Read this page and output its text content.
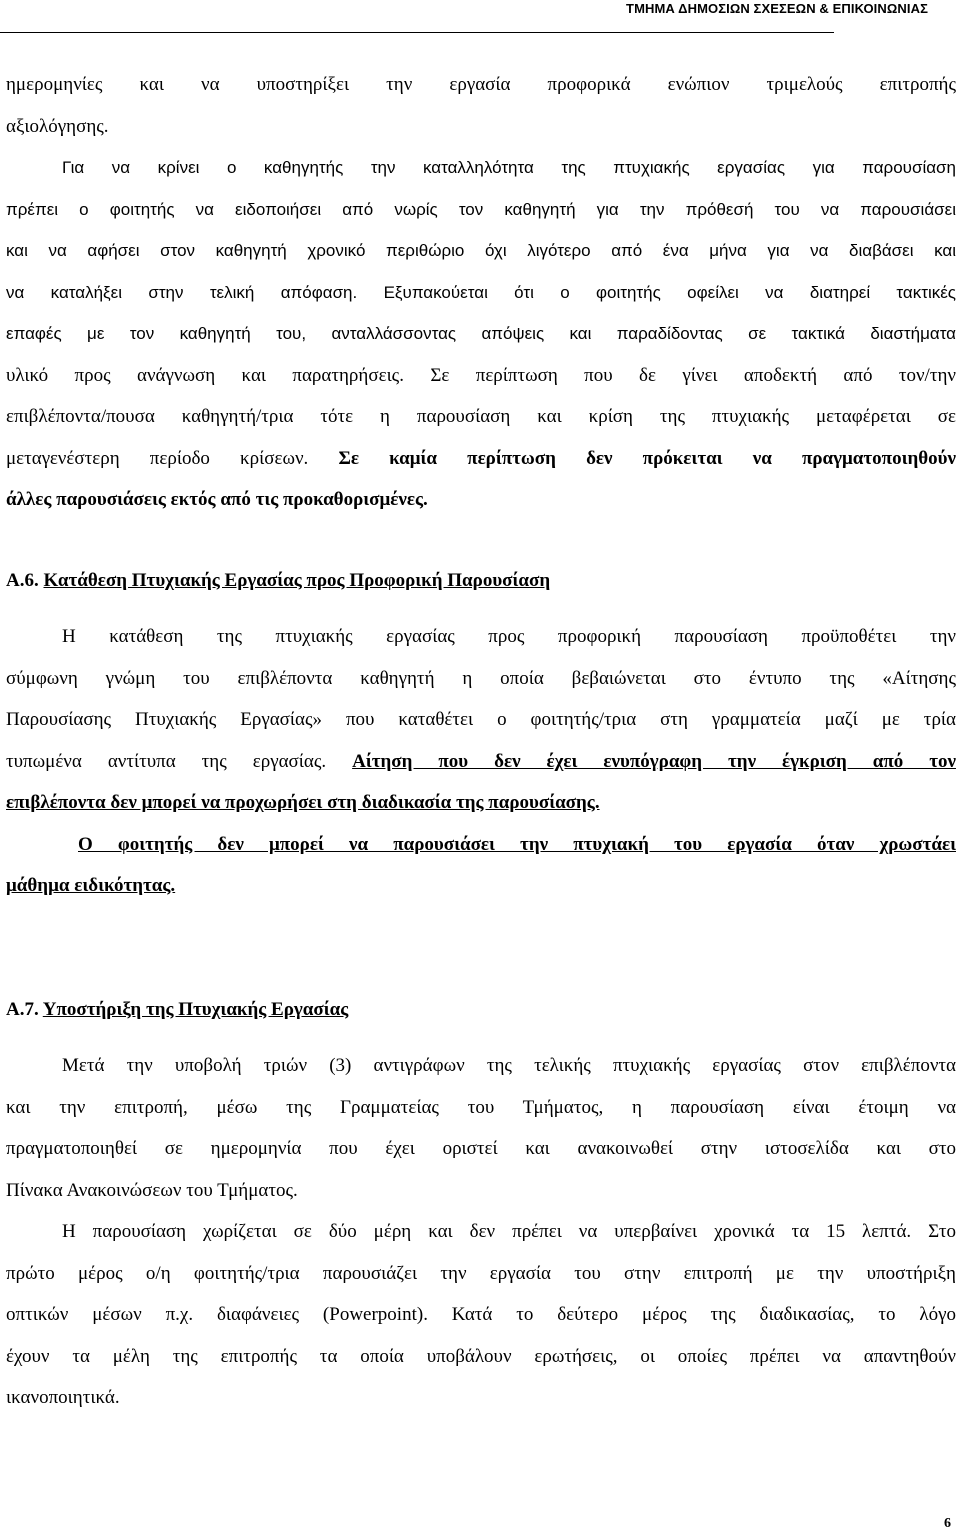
ΤΜΗΜΑ ΔΗΜΟΣΙΩΝ ΣΧΕΣΕΩΝ & ΕΠΙΚΟΙΝΩΝΙΑΣ
ημερομηνίες και να υποστηρίξει την εργασία προφορικά ενώπιον τριμελούς επιτροπής
αξιολόγησης.
Για να κρίνει ο καθηγητής την καταλληλότητα της πτυχιακής εργασίας για παρουσίαση
πρέπει ο φοιτητής να ειδοποιήσει από νωρίς τον καθηγητή για την πρόθεσή του να παρουσιάσει
και να αφήσει στον καθηγητή χρονικό περιθώριο όχι λιγότερο από ένα μήνα για να διαβάσει και
να καταλήξει στην τελική απόφαση. Εξυπακούεται ότι ο φοιτητής οφείλει να διατηρεί τακτικές
επαφές με τον καθηγητή του, ανταλλάσσοντας απόψεις και παραδίδοντας σε τακτικά διαστήματα
υλικό προς ανάγνωση και παρατηρήσεις. Σε περίπτωση που δε γίνει αποδεκτή από τον/την
επιβλέποντα/πουσα καθηγητή/τρια τότε η παρουσίαση και κρίση της πτυχιακής μεταφέρεται σε
μεταγενέστερη περίοδο κρίσεων. Σε καμία περίπτωση δεν πρόκειται να πραγματοποιηθούν
άλλες παρουσιάσεις εκτός από τις προκαθορισμένες.
Α.6. Κατάθεση Πτυχιακής Εργασίας προς Προφορική Παρουσίαση
Η κατάθεση της πτυχιακής εργασίας προς προφορική παρουσίαση προϋποθέτει την
σύμφωνη γνώμη του επιβλέποντα καθηγητή η οποία βεβαιώνεται στο έντυπο της «Αίτησης
Παρουσίασης Πτυχιακής Εργασίας» που καταθέτει ο φοιτητής/τρια στη γραμματεία μαζί με τρία
τυπωμένα αντίτυπα της εργασίας. Αίτηση που δεν έχει ενυπόγραφη την έγκριση από τον
επιβλέποντα δεν μπορεί να προχωρήσει στη διαδικασία της παρουσίασης.
Ο φοιτητής δεν μπορεί να παρουσιάσει την πτυχιακή του εργασία όταν χρωστάει
μάθημα ειδικότητας.
Α.7. Υποστήριξη της Πτυχιακής Εργασίας
Μετά την υποβολή τριών (3) αντιγράφων της τελικής πτυχιακής εργασίας στον επιβλέποντα
και την επιτροπή, μέσω της Γραμματείας του Τμήματος, η παρουσίαση είναι έτοιμη να
πραγματοποιηθεί σε ημερομηνία που έχει οριστεί και ανακοινωθεί στην ιστοσελίδα και στο
Πίνακα Ανακοινώσεων του Τμήματος.
Η παρουσίαση χωρίζεται σε δύο μέρη και δεν πρέπει να υπερβαίνει χρονικά τα 15 λεπτά. Στο
πρώτο μέρος ο/η φοιτητής/τρια παρουσιάζει την εργασία του στην επιτροπή με την υποστήριξη
οπτικών μέσων π.χ. διαφάνειες (Powerpoint). Κατά το δεύτερο μέρος της διαδικασίας, το λόγο
έχουν τα μέλη της επιτροπής τα οποία υποβάλουν ερωτήσεις, οι οποίες πρέπει να απαντηθούν
ικανοποιητικά.
6
